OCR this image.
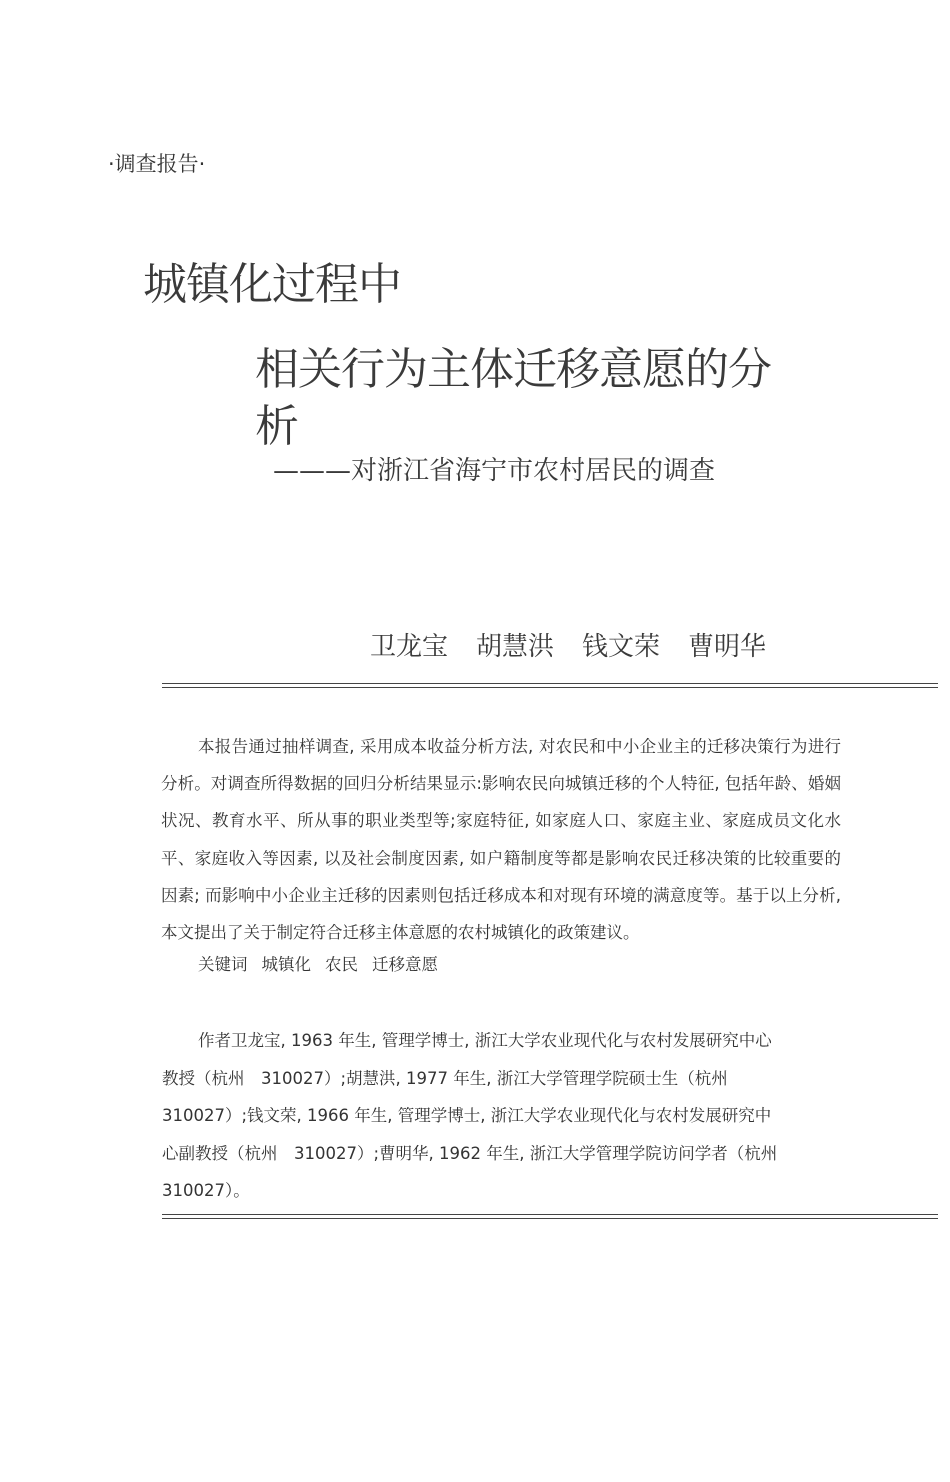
·调查报告·
城镇化过程中
相关行为主体迁移意愿的分
析
———对浙江省海宁市农村居民的调查
卫龙宝 胡慧洪 钱文荣 曹明华

本报告通过抽样调查, 采用成本收益分析方法, 对农民和中小企业主的迁移决策行为进行分析。对调查所得数据的回归分析结果显示:影响农民向城镇迁移的个人特征, 包括年龄、婚姻状况、教育水平、所从事的职业类型等;家庭特征, 如家庭人口、家庭主业、家庭成员文化水平、家庭收入等因素, 以及社会制度因素, 如户籍制度等都是影响农民迁移决策的比较重要的因素; 而影响中小企业主迁移的因素则包括迁移成本和对现有环境的满意度等。基于以上分析, 本文提出了关于制定符合迁移主体意愿的农村城镇化的政策建议。

关键词 城镇化 农民 迁移意愿

作者卫龙宝, 1963 年生, 管理学博士, 浙江大学农业现代化与农村发展研究中心教授（杭州　310027）;胡慧洪, 1977 年生, 浙江大学管理学院硕士生（杭州 310027）;钱文荣, 1966 年生, 管理学博士, 浙江大学农业现代化与农村发展研究中心副教授（杭州　310027）;曹明华, 1962 年生, 浙江大学管理学院访问学者（杭州 310027）。
